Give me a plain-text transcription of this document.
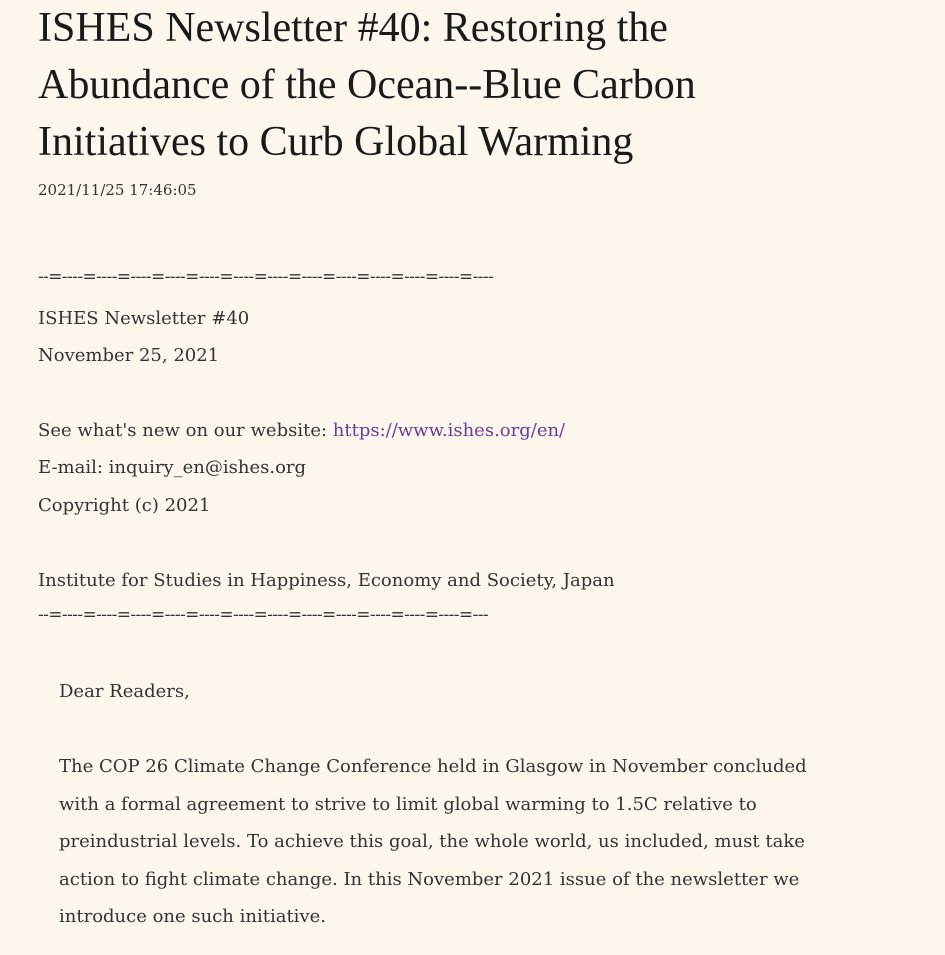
ISHES Newsletter #40: Restoring the
Abundance of the Ocean--Blue Carbon
Initiatives to Curb Global Warming
2021/11/25 17:46:05
--=----=----=----=----=----=----=----=----=----=----=----=----=----
ISHES Newsletter #40
November 25, 2021
See what's new on our website: https://www.ishes.org/en/
E-mail: inquiry_en@ishes.org
Copyright (c) 2021
Institute for Studies in Happiness, Economy and Society, Japan
--=----=----=----=----=----=----=----=----=----=----=----=----=---
Dear Readers,
The COP 26 Climate Change Conference held in Glasgow in November concluded
with a formal agreement to strive to limit global warming to 1.5C relative to
preindustrial levels. To achieve this goal, the whole world, us included, must take
action to fight climate change. In this November 2021 issue of the newsletter we
introduce one such initiative.
